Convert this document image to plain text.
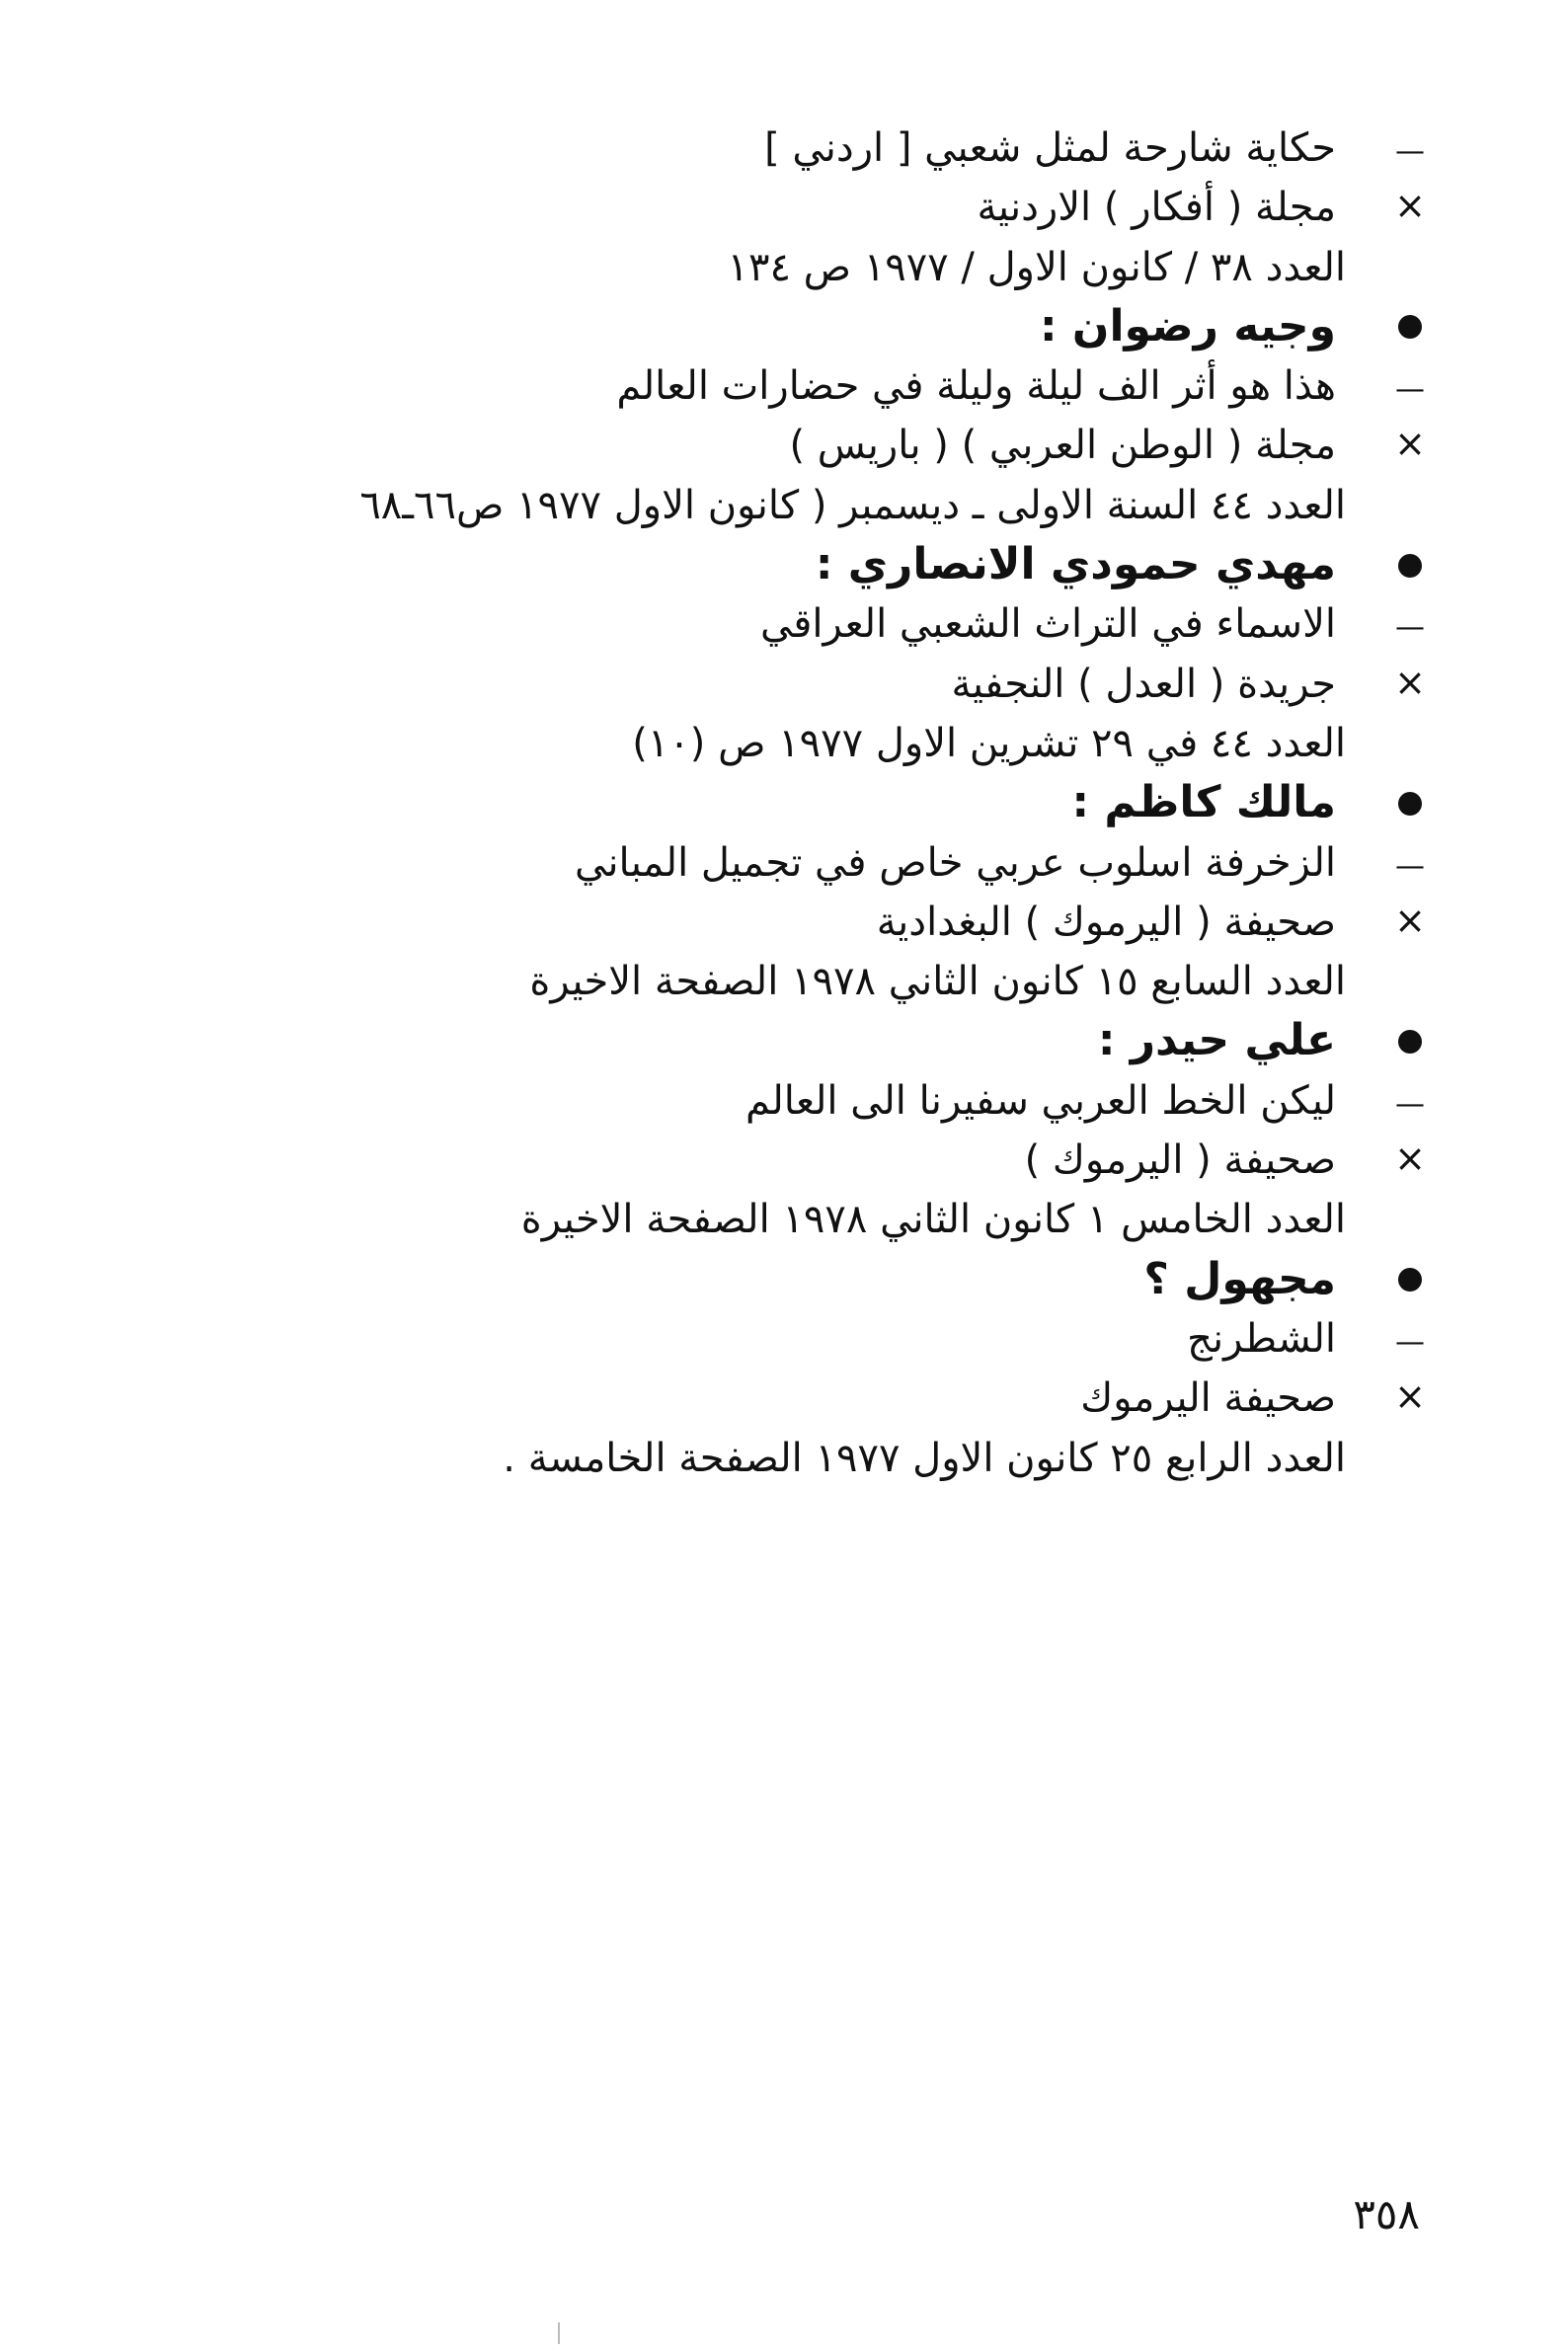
—
حكاية شارحة لمثل شعبي [ اردني ]
×
مجلة ( أفكار ) الاردنية
العدد ٣٨ / كانون الاول / ١٩٧٧ ص ١٣٤
وجيه رضوان :
—
هذا هو أثر الف ليلة وليلة في حضارات العالم
×
مجلة ( الوطن العربي ) ( باريس )
العدد ٤٤ السنة الاولى ـ ديسمبر ( كانون الاول ١٩٧٧ ص٦٦ـ٦٨
مهدي حمودي الانصاري :
—
الاسماء في التراث الشعبي العراقي
×
جريدة ( العدل ) النجفية
العدد ٤٤ في ٢٩ تشرين الاول ١٩٧٧ ص (١٠)
مالك كاظم :
—
الزخرفة اسلوب عربي خاص في تجميل المباني
×
صحيفة ( اليرموك ) البغدادية
العدد السابع ١٥ كانون الثاني ١٩٧٨ الصفحة الاخيرة
علي حيدر :
—
ليكن الخط العربي سفيرنا الى العالم
×
صحيفة ( اليرموك )
العدد الخامس ١ كانون الثاني ١٩٧٨ الصفحة الاخيرة
مجهول ؟
—
الشطرنج
×
صحيفة اليرموك
العدد الرابع ٢٥ كانون الاول ١٩٧٧ الصفحة الخامسة .
٣٥٨
